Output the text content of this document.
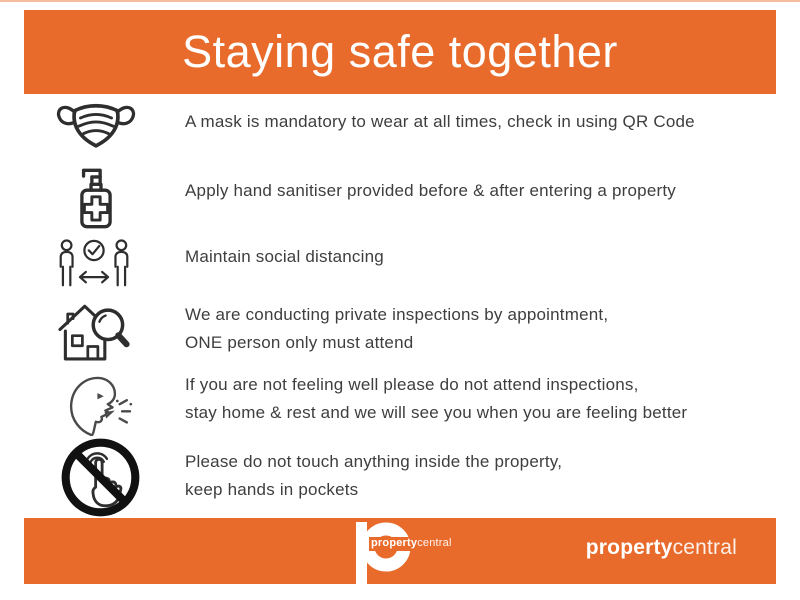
Staying safe together
A mask is mandatory to wear at all times, check in using QR Code
Apply hand sanitiser provided before & after entering a property
Maintain social distancing
We are conducting private inspections by appointment,
ONE person only must attend
If you are not feeling well please do not attend inspections,
stay home & rest and we will see you when you are feeling better
Please do not touch anything inside the property,
keep hands in pockets
propertycentral	propertycentral
